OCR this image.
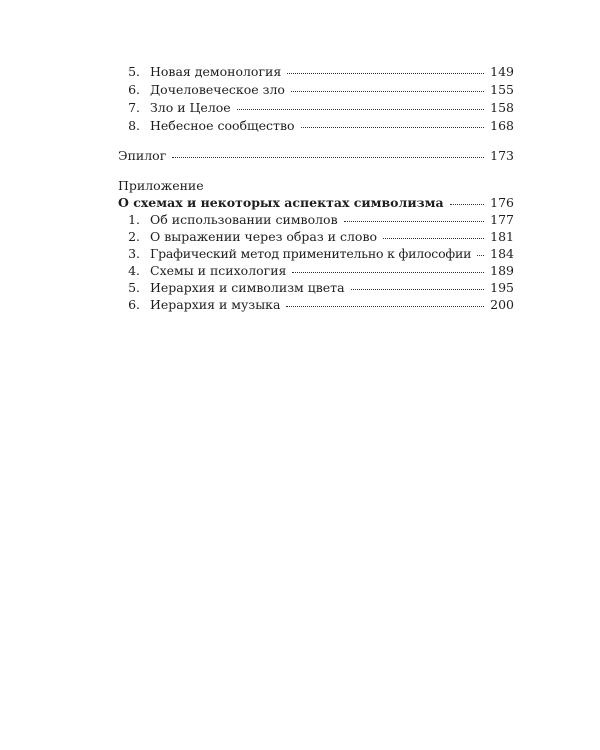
5. Новая демонология	149
6. Дочеловеческое зло	155
7. Зло и Целое	158
8. Небесное сообщество	168
Эпилог	173
Приложение
О схемах и некоторых аспектах символизма	176
1. Об использовании символов	177
2. О выражении через образ и слово	181
3. Графический метод применительно к философии 184
4. Схемы и психология	189
5. Иерархия и символизм цвета	195
6. Иерархия и музыка	200
